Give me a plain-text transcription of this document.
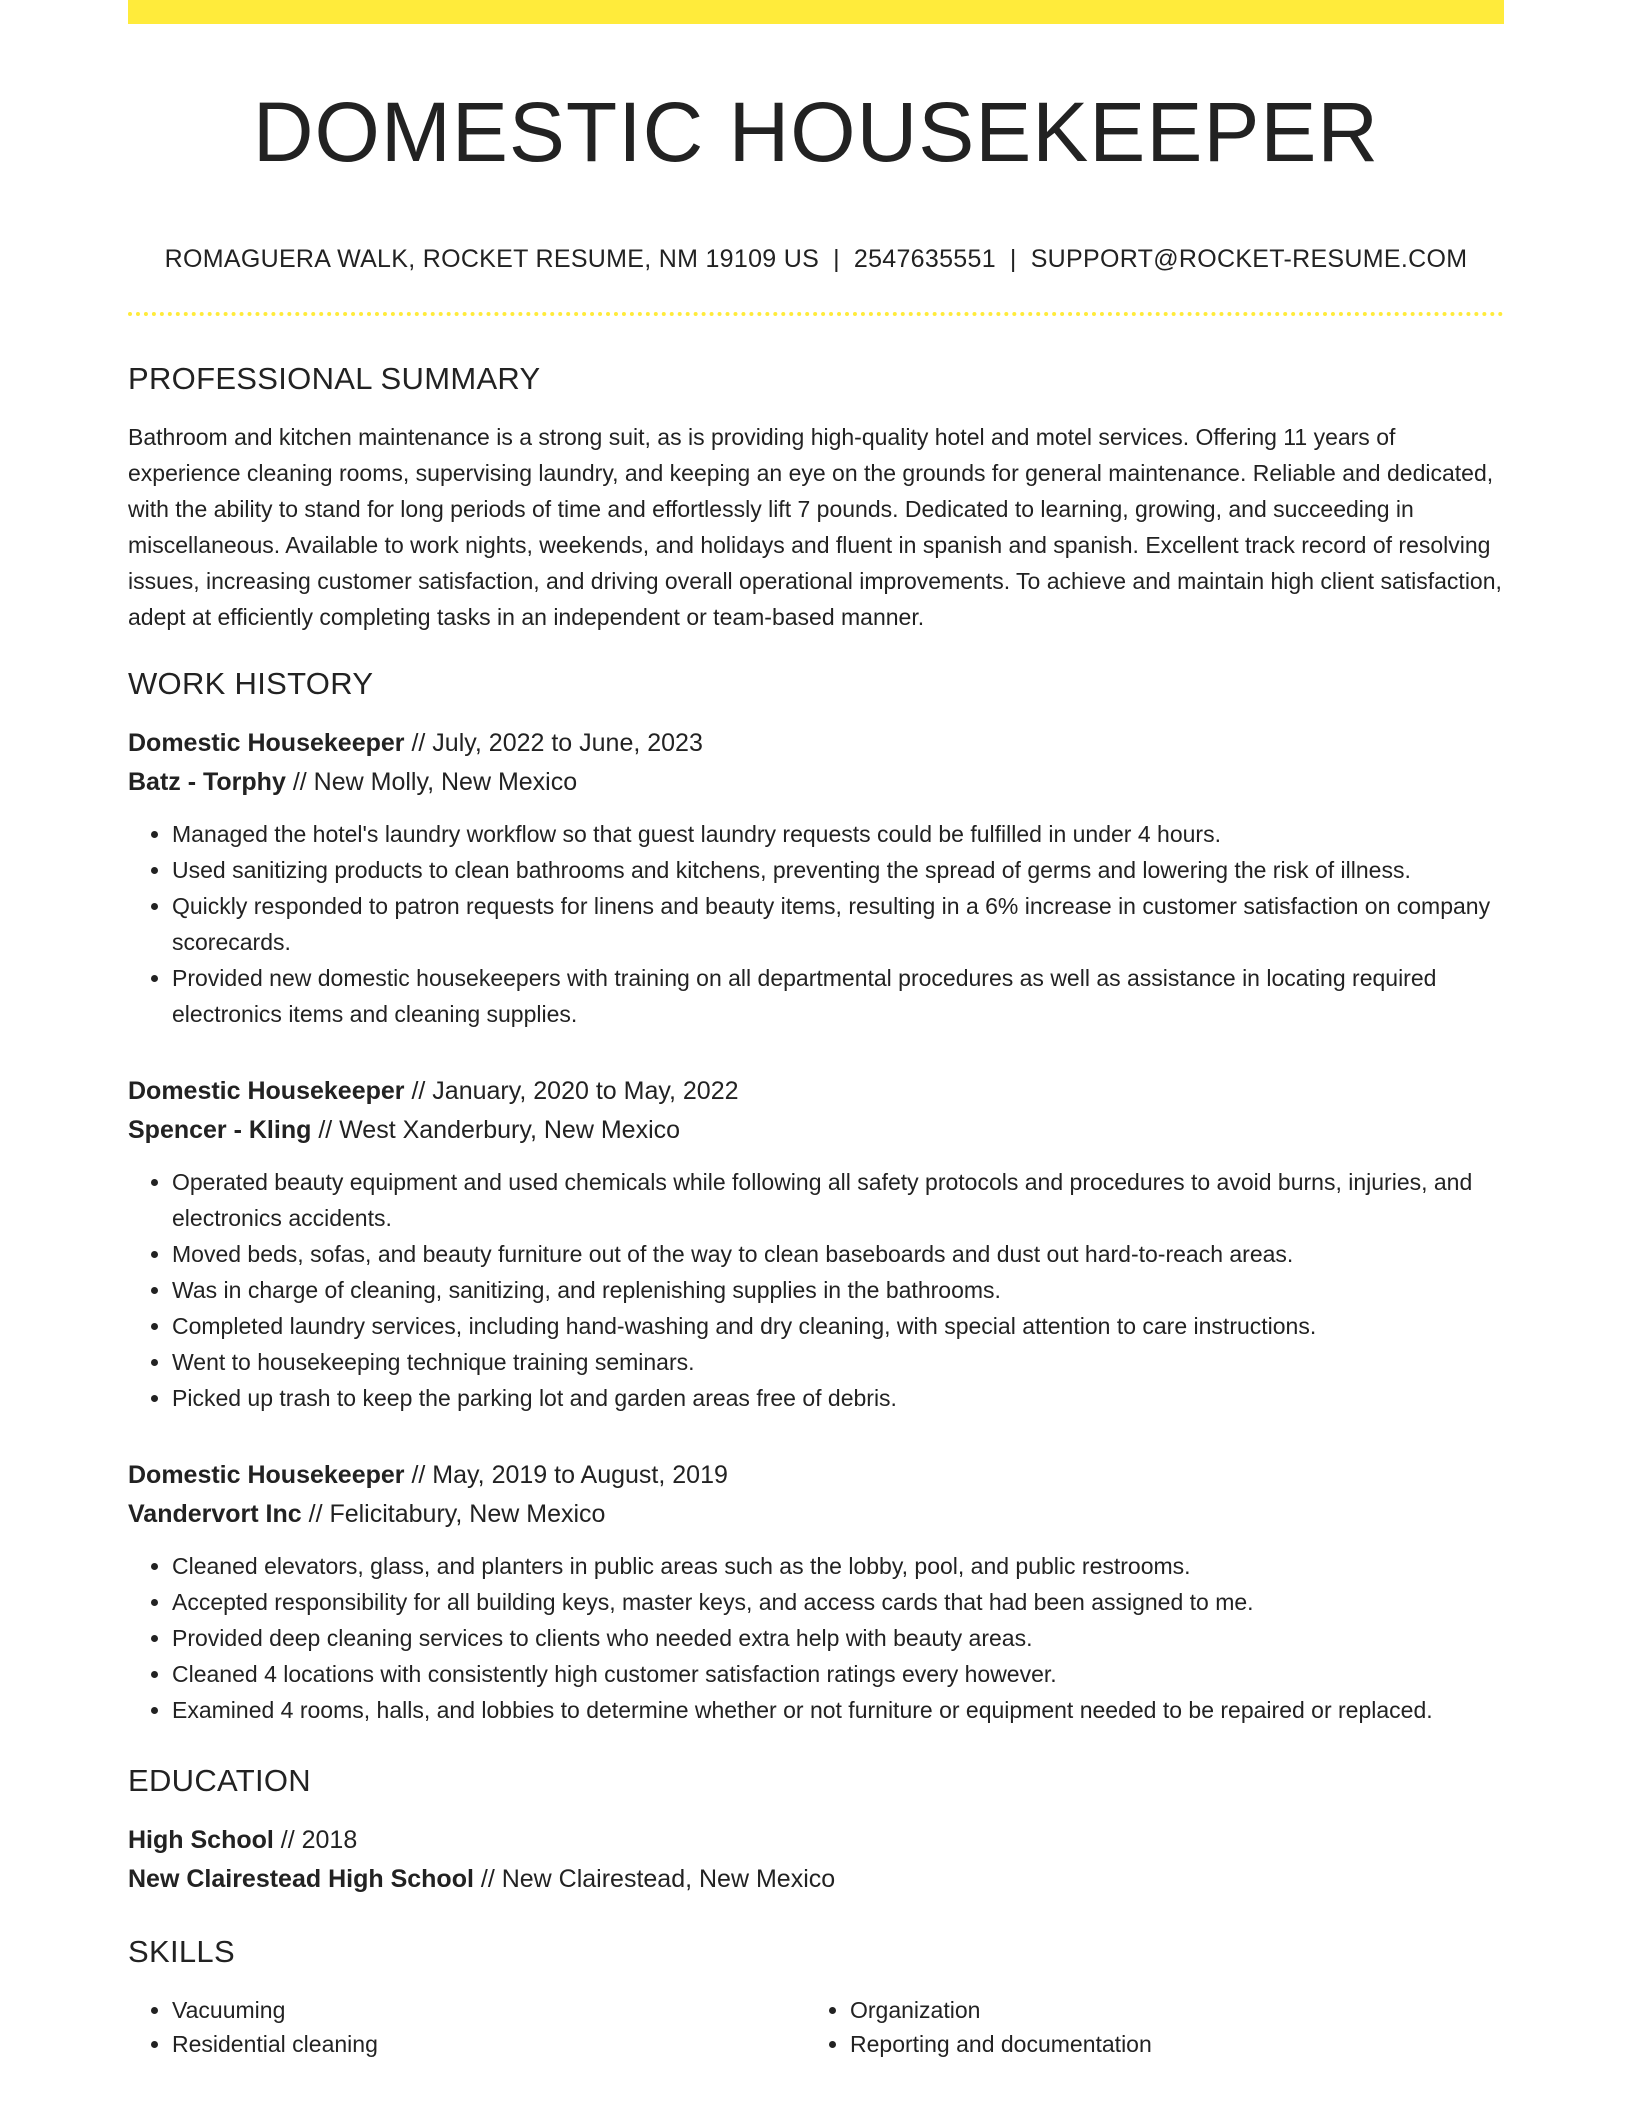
DOMESTIC HOUSEKEEPER
ROMAGUERA WALK, ROCKET RESUME, NM 19109 US | 2547635551 | SUPPORT@ROCKET-RESUME.COM
PROFESSIONAL SUMMARY
Bathroom and kitchen maintenance is a strong suit, as is providing high-quality hotel and motel services. Offering 11 years of experience cleaning rooms, supervising laundry, and keeping an eye on the grounds for general maintenance. Reliable and dedicated, with the ability to stand for long periods of time and effortlessly lift 7 pounds. Dedicated to learning, growing, and succeeding in miscellaneous. Available to work nights, weekends, and holidays and fluent in spanish and spanish. Excellent track record of resolving issues, increasing customer satisfaction, and driving overall operational improvements. To achieve and maintain high client satisfaction, adept at efficiently completing tasks in an independent or team-based manner.
WORK HISTORY
Domestic Housekeeper // July, 2022 to June, 2023
Batz - Torphy // New Molly, New Mexico
• Managed the hotel's laundry workflow so that guest laundry requests could be fulfilled in under 4 hours.
• Used sanitizing products to clean bathrooms and kitchens, preventing the spread of germs and lowering the risk of illness.
• Quickly responded to patron requests for linens and beauty items, resulting in a 6% increase in customer satisfaction on company scorecards.
• Provided new domestic housekeepers with training on all departmental procedures as well as assistance in locating required electronics items and cleaning supplies.
Domestic Housekeeper // January, 2020 to May, 2022
Spencer - Kling // West Xanderbury, New Mexico
• Operated beauty equipment and used chemicals while following all safety protocols and procedures to avoid burns, injuries, and electronics accidents.
• Moved beds, sofas, and beauty furniture out of the way to clean baseboards and dust out hard-to-reach areas.
• Was in charge of cleaning, sanitizing, and replenishing supplies in the bathrooms.
• Completed laundry services, including hand-washing and dry cleaning, with special attention to care instructions.
• Went to housekeeping technique training seminars.
• Picked up trash to keep the parking lot and garden areas free of debris.
Domestic Housekeeper // May, 2019 to August, 2019
Vandervort Inc // Felicitabury, New Mexico
• Cleaned elevators, glass, and planters in public areas such as the lobby, pool, and public restrooms.
• Accepted responsibility for all building keys, master keys, and access cards that had been assigned to me.
• Provided deep cleaning services to clients who needed extra help with beauty areas.
• Cleaned 4 locations with consistently high customer satisfaction ratings every however.
• Examined 4 rooms, halls, and lobbies to determine whether or not furniture or equipment needed to be repaired or replaced.
EDUCATION
High School // 2018
New Clairestead High School // New Clairestead, New Mexico
SKILLS
• Vacuuming
• Residential cleaning
• Organization
• Reporting and documentation
